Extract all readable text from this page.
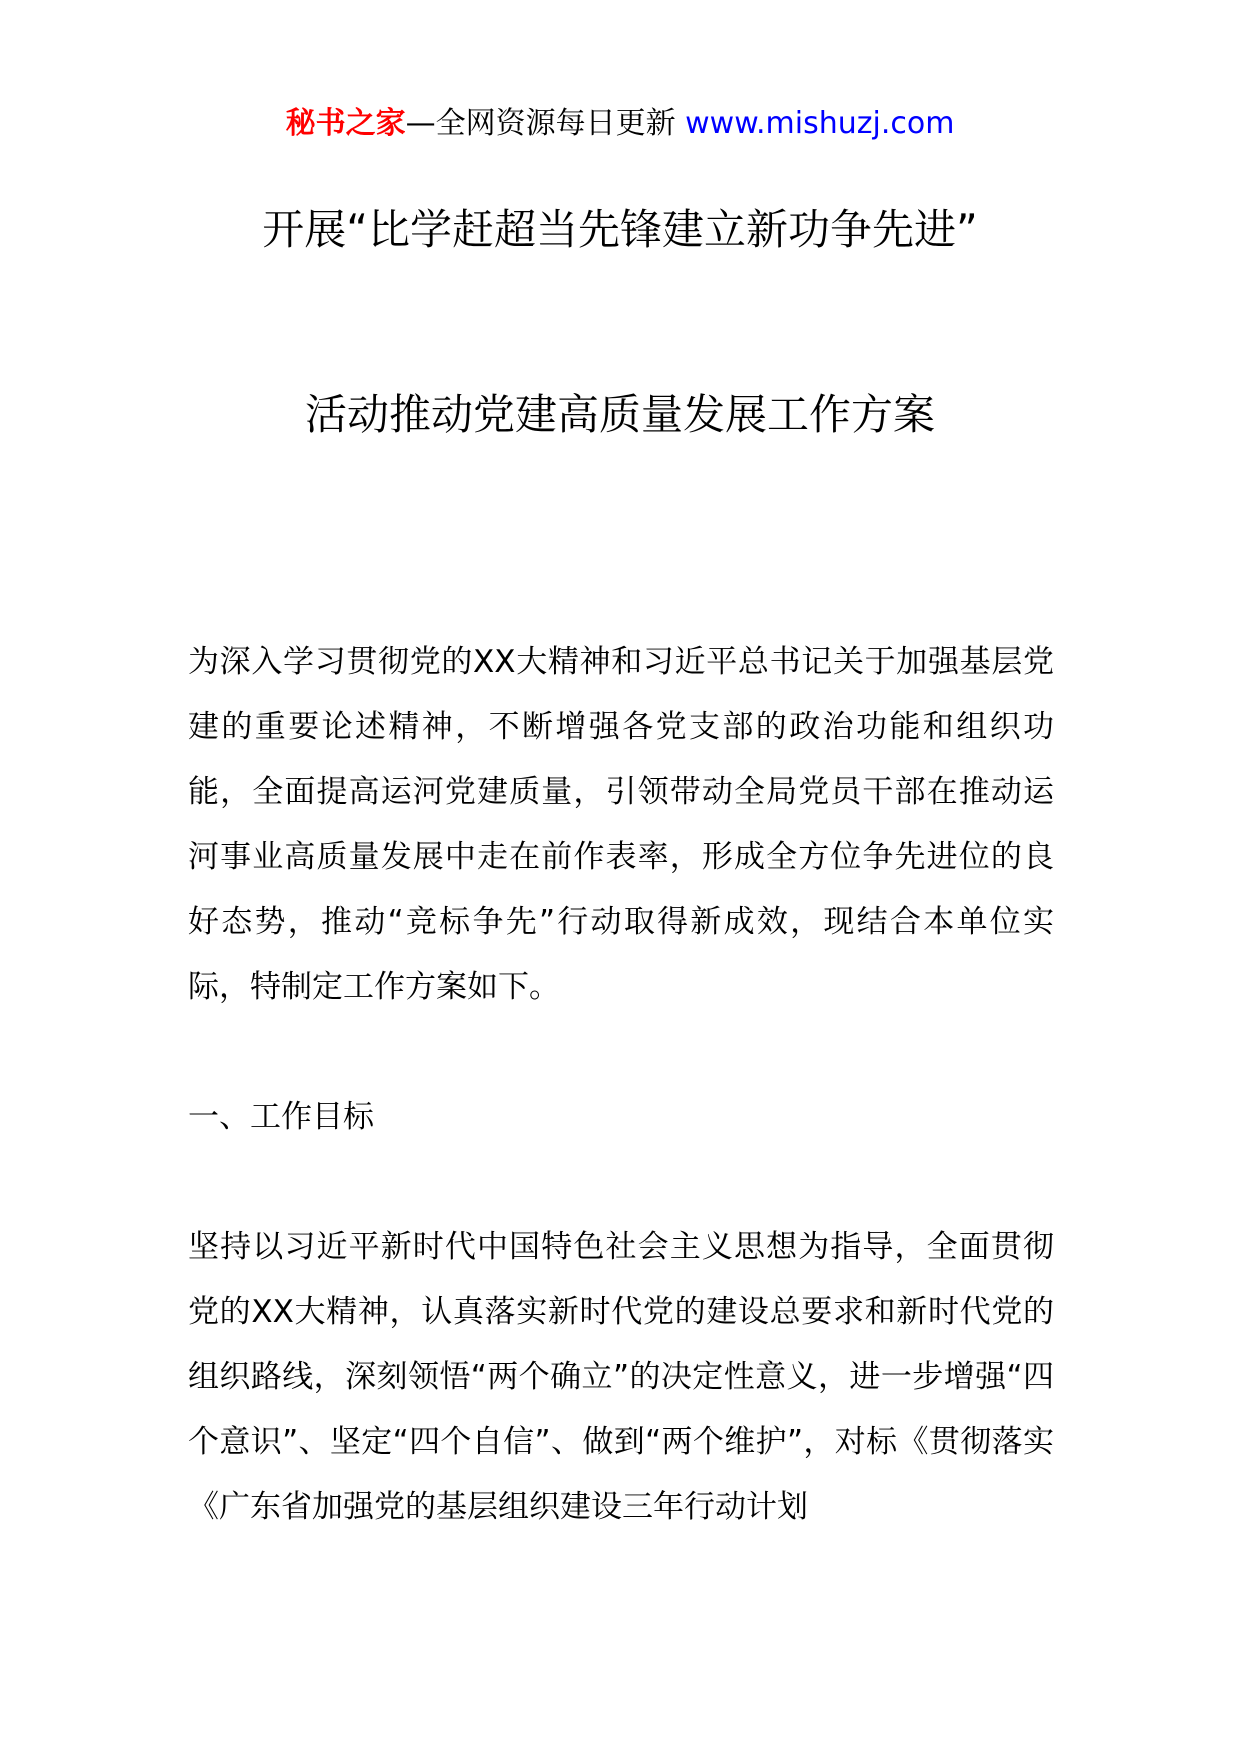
秘书之家—全网资源每日更新 www.mishuzj.com
开展“比学赶超当先锋建立新功争先进”
活动推动党建高质量发展工作方案

为深入学习贯彻党的XX大精神和习近平总书记关于加强基层党建的重要论述精神，不断增强各党支部的政治功能和组织功能，全面提高运河党建质量，引领带动全局党员干部在推动运河事业高质量发展中走在前作表率，形成全方位争先进位的良好态势，推动“竞标争先”行动取得新成效，现结合本单位实际，特制定工作方案如下。

一、工作目标

坚持以习近平新时代中国特色社会主义思想为指导，全面贯彻党的XX大精神，认真落实新时代党的建设总要求和新时代党的组织路线，深刻领悟“两个确立”的决定性意义，进一步增强“四个意识”、坚定“四个自信”、做到“两个维护”，对标《贯彻落实《广东省加强党的基层组织建设三年行动计划
